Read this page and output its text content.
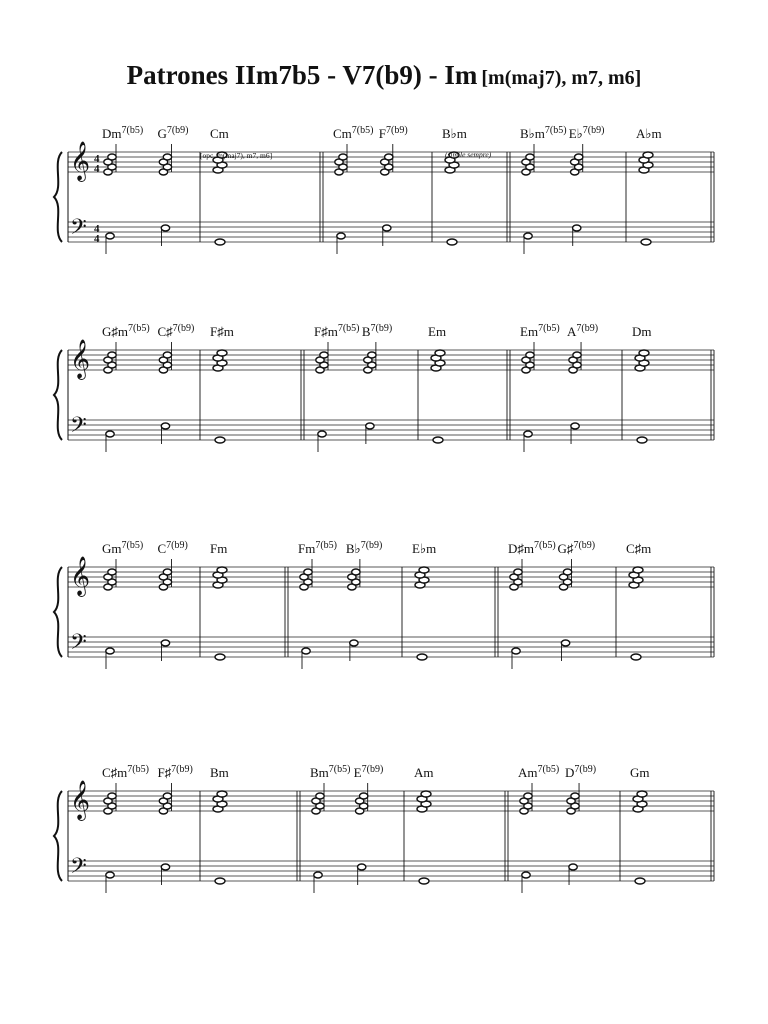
Patrones IIm7b5 - V7(b9) - Im [m(maj7), m7, m6]
𝄞
𝄢
4
4
4
4
$Dm^{7(b5)}$ $G^{7(b9)}$ Cm	$Cm^{7(b5)}$ $F^{7(b9)}$	B♭m	$B♭m^{7(b5)}$ E♭$^{7(b9)}$ A♭m
𝄞
𝄢
$G♯m^{7(b5)}$ C♯$^{7(b9)}$ F♯m	$F♯m^{7(b5)}$ $B^{7(b9)}$	Em	$Em^{7(b5)}$ $A^{7(b9)}$	Dm
𝄞
𝄢
$Gm^{7(b5)}$ $C^{7(b9)}$ Fm	$Fm^{7(b5)}$ B♭$^{7(b9)}$ E♭m	$D♯m^{7(b5)}$ G♯$^{7(b9)}$ C♯m
𝄞
𝄢
$C♯m^{7(b5)}$ F♯$^{7(b9)}$ Bm	$Bm^{7(b5)}$ $E^{7(b9)}$ Am	$Am^{7(b5)}$ $D^{7(b9)}$	Gm
[opc. m(maj7), m7, m6]	(simile sempre)
